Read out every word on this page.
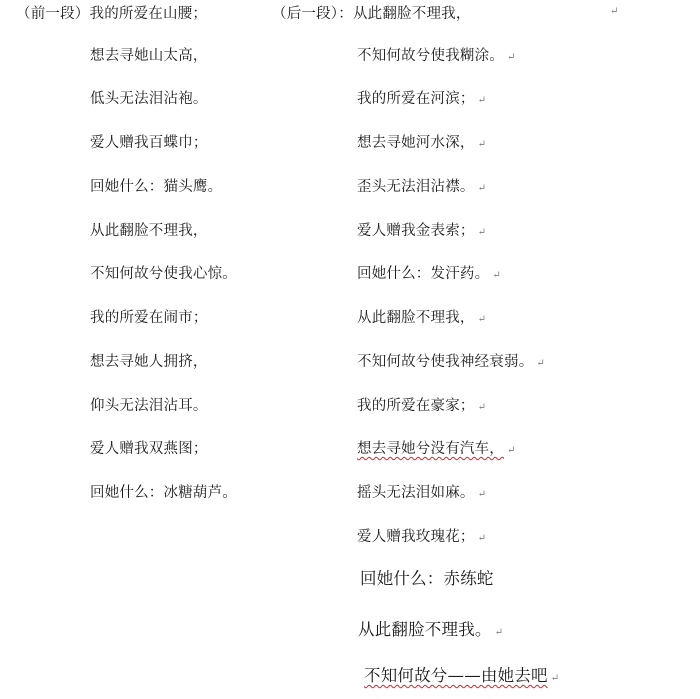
（前一段）我的所爱在山腰；
想去寻她山太高，
低头无法泪沾袍。
爱人赠我百蝶巾；
回她什么：猫头鹰。
从此翻脸不理我，
不知何故兮使我心惊。
我的所爱在闹市；
想去寻她人拥挤，
仰头无法泪沾耳。
爱人赠我双燕图；
回她什么：冰糖葫芦。
（后一段）：从此翻脸不理我，	↵
不知何故兮使我糊涂。 ↵
我的所爱在河滨； ↵
想去寻她河水深， ↵
歪头无法泪沾襟。 ↵
爱人赠我金表索； ↵
回她什么：发汗药。 ↵
从此翻脸不理我， ↵
不知何故兮使我神经衰弱。 ↵
我的所爱在豪家； ↵
想去寻她兮没有汽车， ↵
摇头无法泪如麻。 ↵
爱人赠我玫瑰花； ↵
回她什么：赤练蛇
从此翻脸不理我。 ↵
不知何故兮——由她去吧 ↵
